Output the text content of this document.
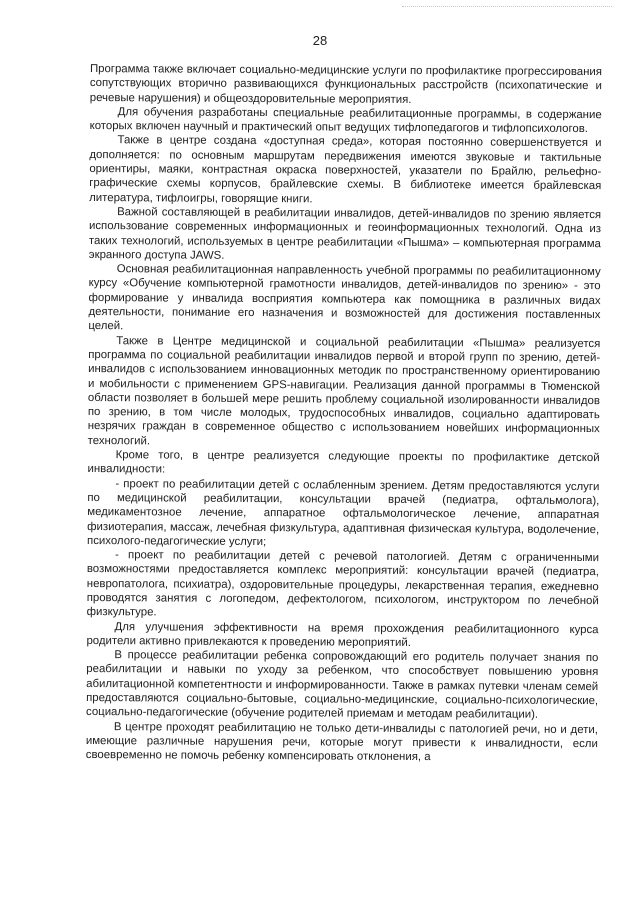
28

Программа также включает социально-медицинские услуги по профилактике прогрессирования сопутствующих вторично развивающихся функциональных расстройств (психопатические и речевые нарушения) и общеоздоровительные мероприятия.

Для обучения разработаны специальные реабилитационные программы, в содержание которых включен научный и практический опыт ведущих тифлопедагогов и тифлопсихологов.

Также в центре создана «доступная среда», которая постоянно совершенствуется и дополняется: по основным маршрутам передвижения имеются звуковые и тактильные ориентиры, маяки, контрастная окраска поверхностей, указатели по Брайлю, рельефно-графические схемы корпусов, брайлевские схемы. В библиотеке имеется брайлевская литература, тифлоигры, говорящие книги.

Важной составляющей в реабилитации инвалидов, детей-инвалидов по зрению является использование современных информационных и геоинформационных технологий. Одна из таких технологий, используемых в центре реабилитации «Пышма» – компьютерная программа экранного доступа JAWS.

Основная реабилитационная направленность учебной программы по реабилитационному курсу «Обучение компьютерной грамотности инвалидов, детей-инвалидов по зрению» - это формирование у инвалида восприятия компьютера как помощника в различных видах деятельности, понимание его назначения и возможностей для достижения поставленных целей.

Также в Центре медицинской и социальной реабилитации «Пышма» реализуется программа по социальной реабилитации инвалидов первой и второй групп по зрению, детей-инвалидов с использованием инновационных методик по пространственному ориентированию и мобильности с применением GPS-навигации. Реализация данной программы в Тюменской области позволяет в большей мере решить проблему социальной изолированности инвалидов по зрению, в том числе молодых, трудоспособных инвалидов, социально адаптировать незрячих граждан в современное общество с использованием новейших информационных технологий.

Кроме того, в центре реализуется следующие проекты по профилактике детской инвалидности:

- проект по реабилитации детей с ослабленным зрением. Детям предоставляются услуги по медицинской реабилитации, консультации врачей (педиатра, офтальмолога), медикаментозное лечение, аппаратное офтальмологическое лечение, аппаратная физиотерапия, массаж, лечебная физкультура, адаптивная физическая культура, водолечение, психолого-педагогические услуги;

- проект по реабилитации детей с речевой патологией. Детям с ограниченными возможностями предоставляется комплекс мероприятий: консультации врачей (педиатра, невропатолога, психиатра), оздоровительные процедуры, лекарственная терапия, ежедневно проводятся занятия с логопедом, дефектологом, психологом, инструктором по лечебной физкультуре.

Для улучшения эффективности на время прохождения реабилитационного курса родители активно привлекаются к проведению мероприятий.

В процессе реабилитации ребенка сопровождающий его родитель получает знания по реабилитации и навыки по уходу за ребенком, что способствует повышению уровня абилитационной компетентности и информированности. Также в рамках путевки членам семей предоставляются социально-бытовые, социально-медицинские, социально-психологические, социально-педагогические (обучение родителей приемам и методам реабилитации).

В центре проходят реабилитацию не только дети-инвалиды с патологией речи, но и дети, имеющие различные нарушения речи, которые могут привести к инвалидности, если своевременно не помочь ребенку компенсировать отклонения, а
